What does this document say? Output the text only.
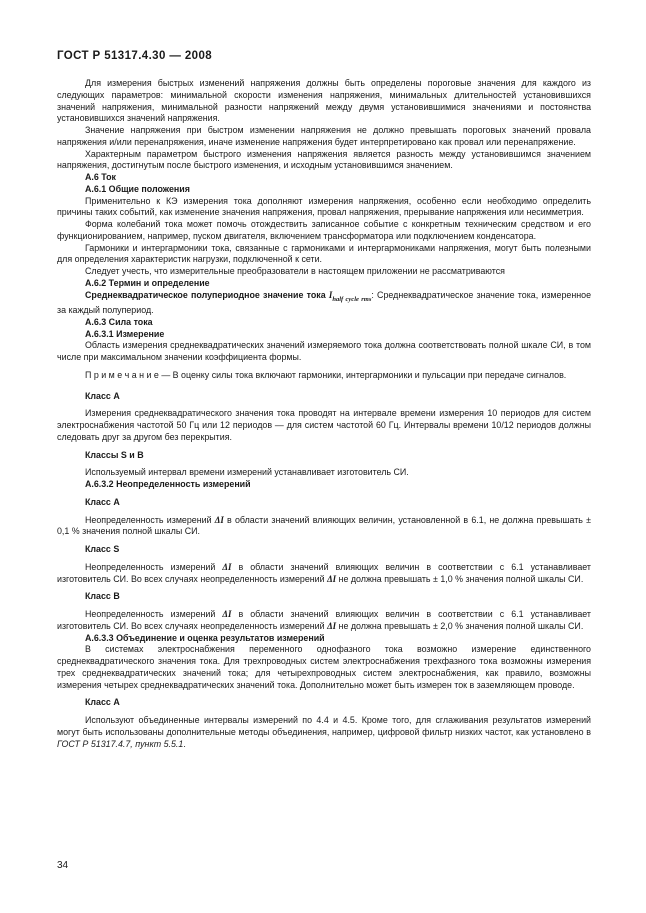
ГОСТ Р 51317.4.30 — 2008

Для измерения быстрых изменений напряжения должны быть определены пороговые значения для каждого из следующих параметров: минимальной скорости изменения напряжения, минимальных длительностей установившихся значений напряжения, минимальной разности напряжений между двумя установившимися значениями и постоянства установившихся значений напряжения.

Значение напряжения при быстром изменении напряжения не должно превышать пороговых значений провала напряжения и/или перенапряжения, иначе изменение напряжения будет интерпретировано как провал или перенапряжение.

Характерным параметром быстрого изменения напряжения является разность между установившимся значением напряжения, достигнутым после быстрого изменения, и исходным установившимся значением.

А.6 Ток

А.6.1 Общие положения

Применительно к КЭ измерения тока дополняют измерения напряжения, особенно если необходимо определить причины таких событий, как изменение значения напряжения, провал напряжения, прерывание напряжения или несимметрия.

Форма колебаний тока может помочь отождествить записанное событие с конкретным техническим средством и его функционированием, например, пуском двигателя, включением трансформатора или подключением конденсатора.

Гармоники и интергармоники тока, связанные с гармониками и интергармониками напряжения, могут быть полезными для определения характеристик нагрузки, подключенной к сети.

Следует учесть, что измерительные преобразователи в настоящем приложении не рассматриваются

А.6.2 Термин и определение

Среднеквадратическое полупериодное значение тока $I_{half cycle rms}$: Среднеквадратическое значение тока, измеренное за каждый полупериод.

А.6.3 Сила тока

А.6.3.1 Измерение

Область измерения среднеквадратических значений измеряемого тока должна соответствовать полной шкале СИ, в том числе при максимальном значении коэффициента формы.

П р и м е ч а н и е — В оценку силы тока включают гармоники, интергармоники и пульсации при передаче сигналов.

Класс А

Измерения среднеквадратического значения тока проводят на интервале времени измерения 10 периодов для систем электроснабжения частотой 50 Гц или 12 периодов — для систем частотой 60 Гц. Интервалы времени 10/12 периодов должны следовать друг за другом без перекрытия.

Классы S и B

Используемый интервал времени измерений устанавливает изготовитель СИ.

А.6.3.2 Неопределенность измерений

Класс А

Неопределенность измерений ΔI в области значений влияющих величин, установленной в 6.1, не должна превышать ± 0,1 % значения полной шкалы СИ.

Класс S

Неопределенность измерений ΔI в области значений влияющих величин в соответствии с 6.1 устанавливает изготовитель СИ. Во всех случаях неопределенность измерений ΔI не должна превышать ± 1,0 % значения полной шкалы СИ.

Класс В

Неопределенность измерений ΔI в области значений влияющих величин в соответствии с 6.1 устанавливает изготовитель СИ. Во всех случаях неопределенность измерений ΔI не должна превышать ± 2,0 % значения полной шкалы СИ.

А.6.3.3 Объединение и оценка результатов измерений

В системах электроснабжения переменного однофазного тока возможно измерение единственного среднеквадратического значения тока. Для трехпроводных систем электроснабжения трехфазного тока возможны измерения трех среднеквадратических значений тока; для четырехпроводных систем электроснабжения, как правило, возможны измерения четырех среднеквадратических значений тока. Дополнительно может быть измерен ток в заземляющем проводе.

Класс А

Используют объединенные интервалы измерений по 4.4 и 4.5. Кроме того, для сглаживания результатов измерений могут быть использованы дополнительные методы объединения, например, цифровой фильтр низких частот, как установлено в ГОСТ Р 51317.4.7, пункт 5.5.1.

34
